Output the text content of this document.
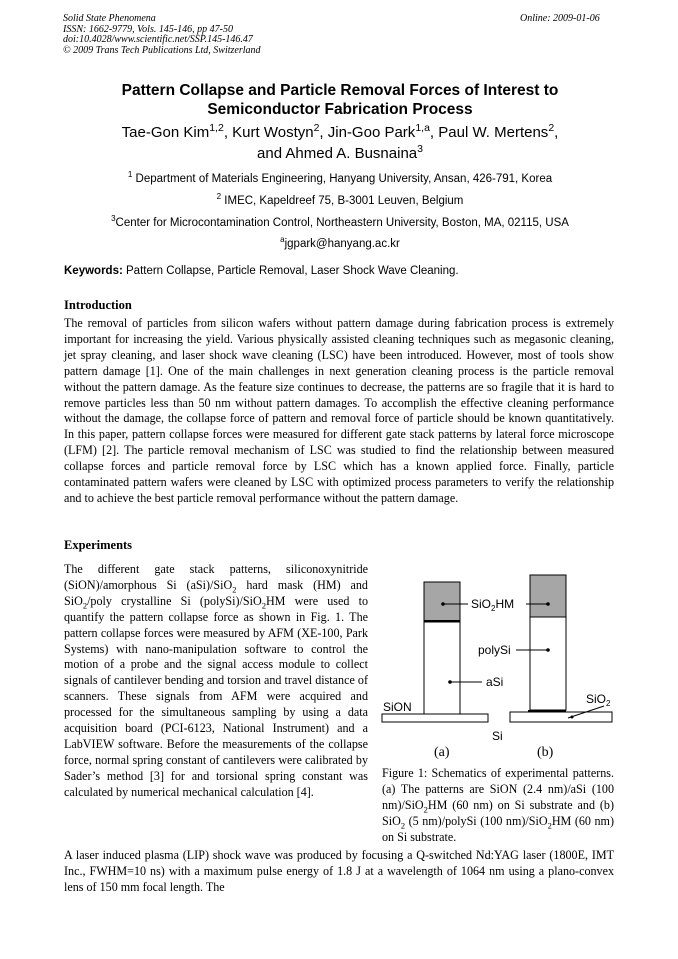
Solid State Phenomena
ISSN: 1662-9779, Vols. 145-146, pp 47-50
doi:10.4028/www.scientific.net/SSP.145-146.47
© 2009 Trans Tech Publications Ltd, Switzerland
Online: 2009-01-06
Pattern Collapse and Particle Removal Forces of Interest to
Semiconductor Fabrication Process
Tae-Gon Kim$^{1,2}$, Kurt Wostyn$^2$, Jin-Goo Park$^{1,a}$, Paul W. Mertens$^2$,
and Ahmed A. Busnaina$^3$
$^1$ Department of Materials Engineering, Hanyang University, Ansan, 426-791, Korea
$^2$ IMEC, Kapeldreef 75, B-3001 Leuven, Belgium
$^3$Center for Microcontamination Control, Northeastern University, Boston, MA, 02115, USA
$^a$jgpark@hanyang.ac.kr
Keywords: Pattern Collapse, Particle Removal, Laser Shock Wave Cleaning.
Introduction
The removal of particles from silicon wafers without pattern damage during fabrication process is extremely important for increasing the yield. Various physically assisted cleaning techniques such as megasonic cleaning, jet spray cleaning, and laser shock wave cleaning (LSC) have been introduced. However, most of tools show pattern damage [1]. One of the main challenges in next generation cleaning process is the particle removal without the pattern damage. As the feature size continues to decrease, the patterns are so fragile that it is hard to remove particles less than 50 nm without pattern damages. To accomplish the effective cleaning performance without the damage, the collapse force of pattern and removal force of particle should be known quantitatively. In this paper, pattern collapse forces were measured for different gate stack patterns by lateral force microscope (LFM) [2]. The particle removal mechanism of LSC was studied to find the relationship between measured collapse forces and particle removal force by LSC which has a known applied force. Finally, particle contaminated pattern wafers were cleaned by LSC with optimized process parameters to verify the relationship and to achieve the best particle removal performance without the pattern damage.
Experiments
The different gate stack patterns, siliconoxynitride (SiON)/amorphous Si (aSi)/SiO$_2$ hard mask (HM) and SiO$_2$/poly crystalline Si (polySi)/SiO$_2$HM were used to quantify the pattern collapse force as shown in Fig. 1. The pattern collapse forces were measured by AFM (XE-100, Park Systems) with nano-manipulation software to control the motion of a probe and the signal access module to collect signals of cantilever bending and torsion and travel distance of scanners. These signals from AFM were acquired and processed for the simultaneous sampling by using a data acquisition board (PCI-6123, National Instrument) and a LabVIEW software. Before the measurements of the collapse force, normal spring constant of cantilevers were calibrated by Sader’s method [3] for and torsional spring constant was calculated by numerical mechanical calculation [4].
SiO$_2$HM
polySi
aSi
SiON
SiO$_2$
Si
(a)	(b)
Figure 1: Schematics of experimental patterns. (a) The patterns are SiON (2.4 nm)/aSi (100 nm)/SiO$_2$HM (60 nm) on Si substrate and (b) SiO$_2$ (5 nm)/polySi (100 nm)/SiO$_2$HM (60 nm) on Si substrate.
A laser induced plasma (LIP) shock wave was produced by focusing a Q-switched Nd:YAG laser (1800E, IMT Inc., FWHM=10 ns) with a maximum pulse energy of 1.8 J at a wavelength of 1064 nm using a plano-convex lens of 150 mm focal length. The
